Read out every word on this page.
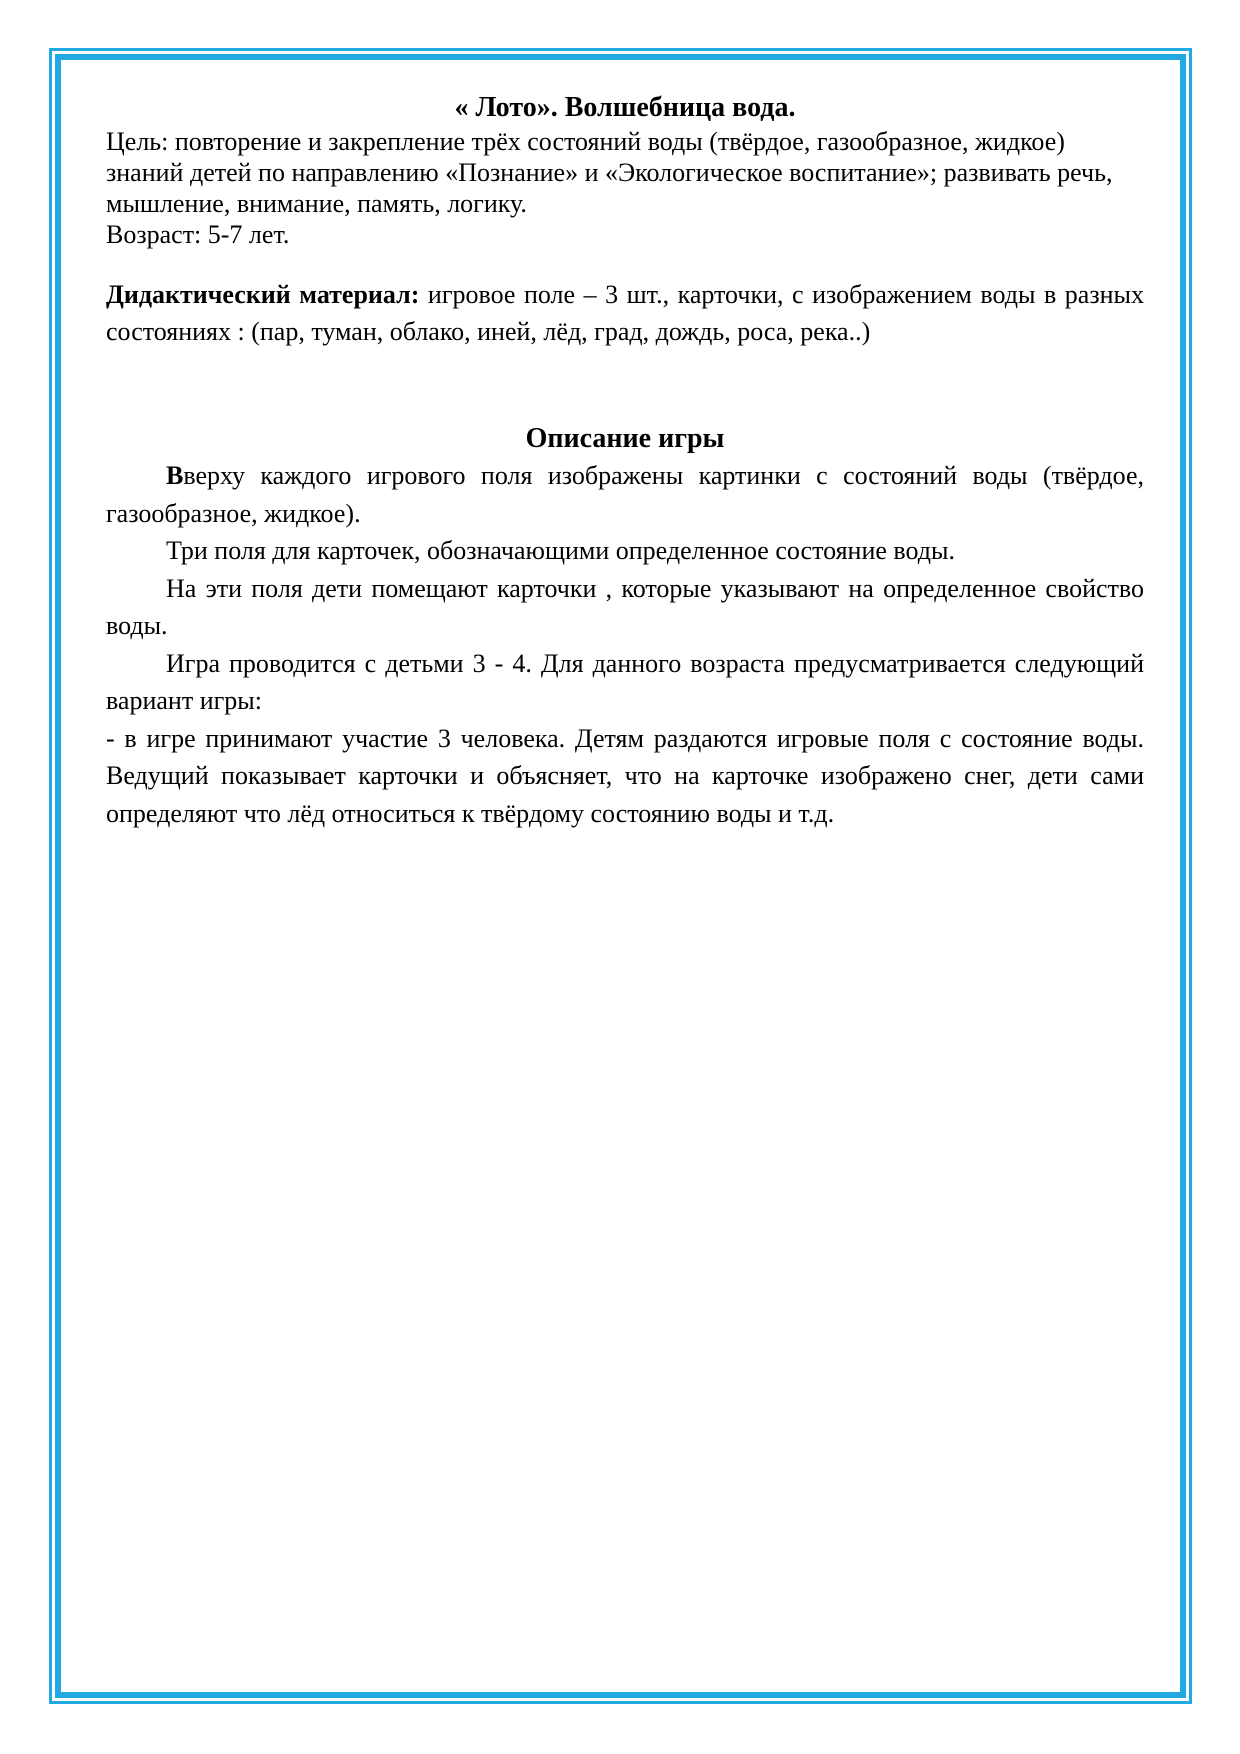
« Лото». Волшебница вода.

Цель: повторение и закрепление трёх состояний воды (твёрдое, газообразное, жидкое) знаний детей по направлению «Познание» и «Экологическое воспитание»; развивать речь, мышление, внимание, память, логику.

Возраст: 5-7 лет.

Дидактический материал: игровое поле – 3 шт., карточки, с изображением воды в разных состояниях : (пар, туман, облако, иней, лёд, град, дождь, роса, река..)

Описание игры

Вверху каждого игрового поля изображены картинки с состояний воды (твёрдое, газообразное, жидкое).

Три поля для карточек, обозначающими определенное состояние воды.

На эти поля дети помещают карточки , которые указывают на определенное свойство воды.

Игра проводится с детьми 3 - 4. Для данного возраста предусматривается следующий вариант игры:

- в игре принимают участие 3 человека. Детям раздаются игровые поля с состояние воды. Ведущий показывает карточки и объясняет, что на карточке изображено снег, дети сами определяют что лёд относиться к твёрдому состоянию воды и т.д.
